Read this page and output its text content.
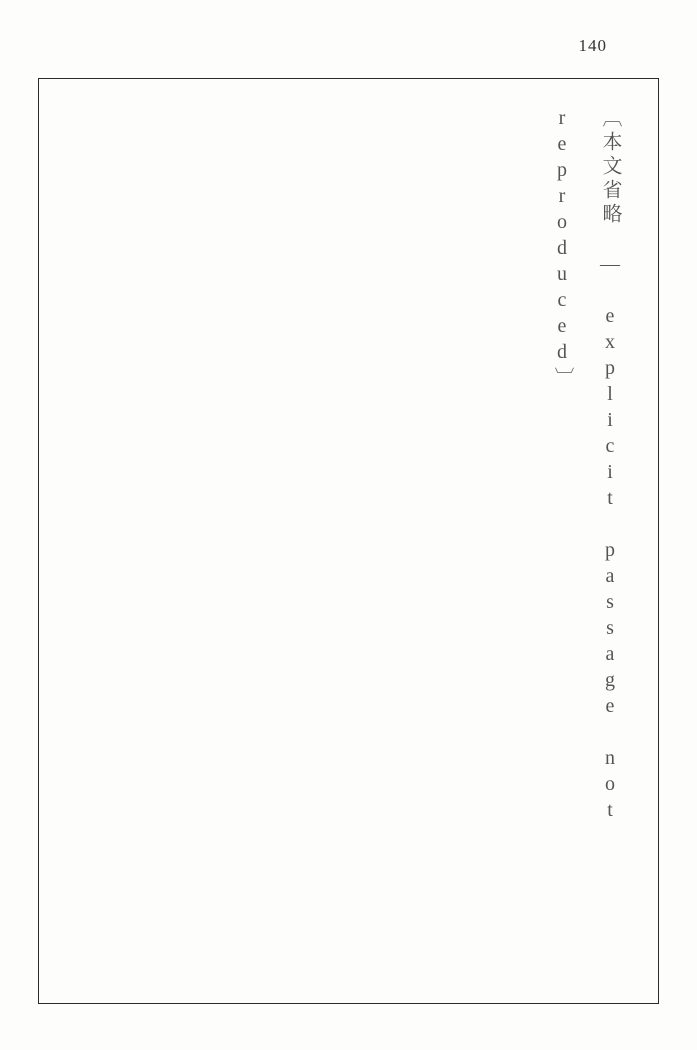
140
〔本文省略 — explicit passage not reproduced〕
